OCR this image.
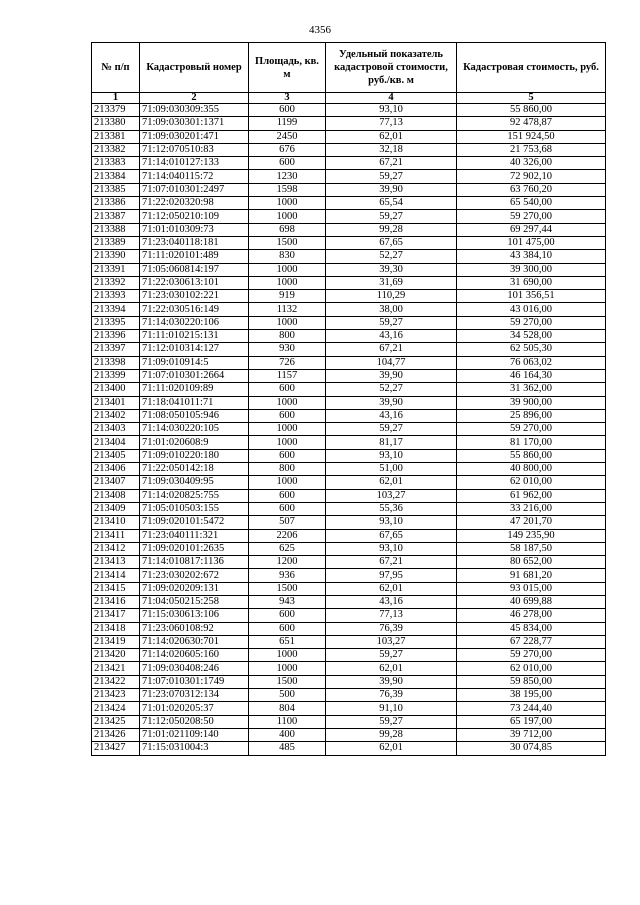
4356
№ п/п	Кадастровый номер	Площадь, кв. м	Удельный показатель кадастровой стоимости, руб./кв. м	Кадастровая стоимость, руб.
1	2	3	4	5
213379	71:09:030309:355	600	93,10	55 860,00
213380	71:09:030301:1371	1199	77,13	92 478,87
213381	71:09:030201:471	2450	62,01	151 924,50
213382	71:12:070510:83	676	32,18	21 753,68
213383	71:14:010127:133	600	67,21	40 326,00
213384	71:14:040115:72	1230	59,27	72 902,10
213385	71:07:010301:2497	1598	39,90	63 760,20
213386	71:22:020320:98	1000	65,54	65 540,00
213387	71:12:050210:109	1000	59,27	59 270,00
213388	71:01:010309:73	698	99,28	69 297,44
213389	71:23:040118:181	1500	67,65	101 475,00
213390	71:11:020101:489	830	52,27	43 384,10
213391	71:05:060814:197	1000	39,30	39 300,00
213392	71:22:030613:101	1000	31,69	31 690,00
213393	71:23:030102:221	919	110,29	101 356,51
213394	71:22:030516:149	1132	38,00	43 016,00
213395	71:14:030220:106	1000	59,27	59 270,00
213396	71:11:010215:131	800	43,16	34 528,00
213397	71:12:010314:127	930	67,21	62 505,30
213398	71:09:010914:5	726	104,77	76 063,02
213399	71:07:010301:2664	1157	39,90	46 164,30
213400	71:11:020109:89	600	52,27	31 362,00
213401	71:18:041011:71	1000	39,90	39 900,00
213402	71:08:050105:946	600	43,16	25 896,00
213403	71:14:030220:105	1000	59,27	59 270,00
213404	71:01:020608:9	1000	81,17	81 170,00
213405	71:09:010220:180	600	93,10	55 860,00
213406	71:22:050142:18	800	51,00	40 800,00
213407	71:09:030409:95	1000	62,01	62 010,00
213408	71:14:020825:755	600	103,27	61 962,00
213409	71:05:010503:155	600	55,36	33 216,00
213410	71:09:020101:5472	507	93,10	47 201,70
213411	71:23:040111:321	2206	67,65	149 235,90
213412	71:09:020101:2635	625	93,10	58 187,50
213413	71:14:010817:1136	1200	67,21	80 652,00
213414	71:23:030202:672	936	97,95	91 681,20
213415	71:09:020209:131	1500	62,01	93 015,00
213416	71:04:050215:258	943	43,16	40 699,88
213417	71:15:030613:106	600	77,13	46 278,00
213418	71:23:060108:92	600	76,39	45 834,00
213419	71:14:020630:701	651	103,27	67 228,77
213420	71:14:020605:160	1000	59,27	59 270,00
213421	71:09:030408:246	1000	62,01	62 010,00
213422	71:07:010301:1749	1500	39,90	59 850,00
213423	71:23:070312:134	500	76,39	38 195,00
213424	71:01:020205:37	804	91,10	73 244,40
213425	71:12:050208:50	1100	59,27	65 197,00
213426	71:01:021109:140	400	99,28	39 712,00
213427	71:15:031004:3	485	62,01	30 074,85
